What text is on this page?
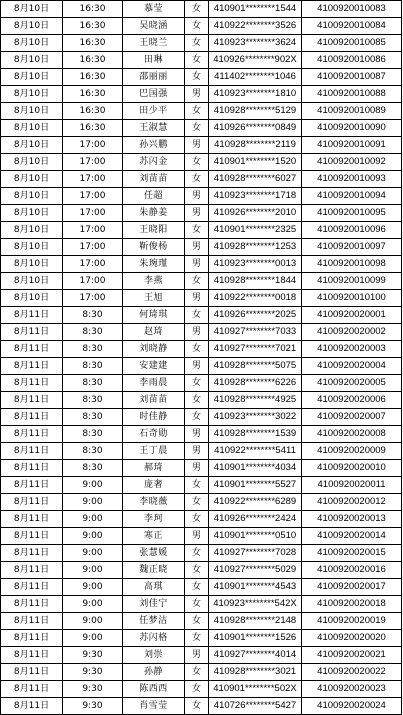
8月10日	16:30	慕莹	女	410901********1544	4100920010083
8月10日	16:30	吴晓涵	女	410922********3526	4100920010084
8月10日	16:30	王晓兰	女	410923********3624	4100920010085
8月10日	16:30	田琳	女	410926********902X	4100920010086
8月10日	16:30	邵丽丽	女	411402********1046	4100920010087
8月10日	16:30	巴国强	男	410923********1810	4100920010088
8月10日	16:30	田少平	女	410928********5129	4100920010089
8月10日	16:30	王淑慧	女	410926********0849	4100920010090
8月10日	17:00	孙兴鹏	男	410928********2119	4100920010091
8月10日	17:00	苏闪金	女	410901********1520	4100920010092
8月10日	17:00	刘苗苗	女	410928********6027	4100920010093
8月10日	17:00	任超	男	410923********1718	4100920010094
8月10日	17:00	朱静姜	男	410926********2010	4100920010095
8月10日	17:00	王晓阳	女	410901********2325	4100920010096
8月10日	17:00	靳俊杨	男	410928********1253	4100920010097
8月10日	17:00	朱琬瑾	男	410923********0013	4100920010098
8月10日	17:00	李燕	女	410928********1844	4100920010099
8月10日	17:00	王旭	男	410922********0018	4100920010100
8月11日	8:30	何琦琪	女	410926********2025	4100920020001
8月11日	8:30	赵琦	男	410927********7033	4100920020002
8月11日	8:30	刘晓静	女	410927********7021	4100920020003
8月11日	8:30	安建建	男	410928********5075	4100920020004
8月11日	8:30	李雨晨	女	410928********6226	4100920020005
8月11日	8:30	刘苗苗	女	410928********4925	4100920020006
8月11日	8:30	时佳静	女	410923********3022	4100920020007
8月11日	8:30	石奇勋	男	410928********1539	4100920020008
8月11日	8:30	王丁晨	男	410922********5411	4100920020009
8月11日	8:30	郝琦	男	410901********4034	4100920020010
8月11日	9:00	庞奢	女	410901********5527	4100920020011
8月11日	9:00	李晓薇	女	410922********6289	4100920020012
8月11日	9:00	李珂	女	410926********2424	4100920020013
8月11日	9:00	寒正	男	410901********0510	4100920020014
8月11日	9:00	张慧媛	女	410927********7028	4100920020015
8月11日	9:00	魏正晓	女	410927********5029	4100920020016
8月11日	9:00	高琪	女	410901********4543	4100920020017
8月11日	9:00	刘佳宁	女	410923********542X	4100920020018
8月11日	9:00	任梦洁	女	410928********2148	4100920020019
8月11日	9:00	苏闪格	女	410901********1526	4100920020020
8月11日	9:30	刘崇	男	410927********4014	4100920020021
8月11日	9:30	孙静	女	410928********3021	4100920020022
8月11日	9:30	陈西西	女	410901********502X	4100920020023
8月11日	9:30	肖雪莹	女	410726********5427	4100920020024
